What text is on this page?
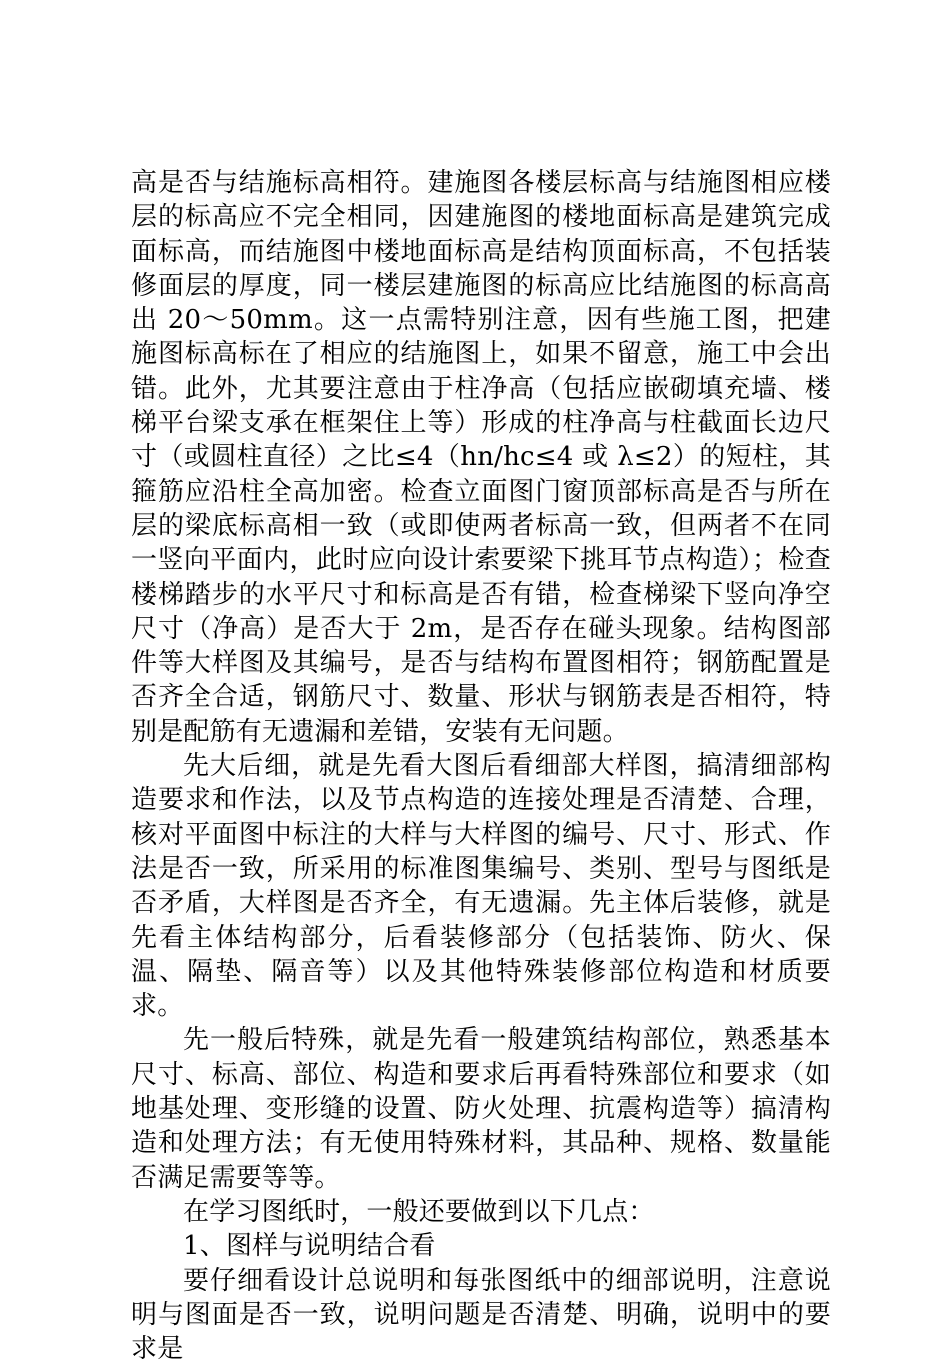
高是否与结施标高相符。建施图各楼层标高与结施图相应楼层的标高应不完全相同，因建施图的楼地面标高是建筑完成面标高，而结施图中楼地面标高是结构顶面标高，不包括装修面层的厚度，同一楼层建施图的标高应比结施图的标高高出 20～50mm。这一点需特别注意，因有些施工图，把建施图标高标在了相应的结施图上，如果不留意，施工中会出错。此外，尤其要注意由于柱净高（包括应嵌砌填充墙、楼梯平台梁支承在框架住上等）形成的柱净高与柱截面长边尺寸（或圆柱直径）之比≤4（hn/hc≤4 或 λ≤2）的短柱，其箍筋应沿柱全高加密。检查立面图门窗顶部标高是否与所在层的梁底标高相一致（或即使两者标高一致，但两者不在同一竖向平面内，此时应向设计索要梁下挑耳节点构造）；检查楼梯踏步的水平尺寸和标高是否有错，检查梯梁下竖向净空尺寸（净高）是否大于 2m，是否存在碰头现象。结构图部件等大样图及其编号，是否与结构布置图相符；钢筋配置是否齐全合适，钢筋尺寸、数量、形状与钢筋表是否相符，特别是配筋有无遗漏和差错，安装有无问题。

先大后细，就是先看大图后看细部大样图，搞清细部构造要求和作法，以及节点构造的连接处理是否清楚、合理，核对平面图中标注的大样与大样图的编号、尺寸、形式、作法是否一致，所采用的标准图集编号、类别、型号与图纸是否矛盾，大样图是否齐全，有无遗漏。先主体后装修，就是先看主体结构部分，后看装修部分（包括装饰、防火、保温、隔垫、隔音等）以及其他特殊装修部位构造和材质要求。

先一般后特殊，就是先看一般建筑结构部位，熟悉基本尺寸、标高、部位、构造和要求后再看特殊部位和要求（如地基处理、变形缝的设置、防火处理、抗震构造等）搞清构造和处理方法；有无使用特殊材料，其品种、规格、数量能否满足需要等等。

在学习图纸时，一般还要做到以下几点：

1、图样与说明结合看

要仔细看设计总说明和每张图纸中的细部说明，注意说明与图面是否一致，说明问题是否清楚、明确，说明中的要求是
